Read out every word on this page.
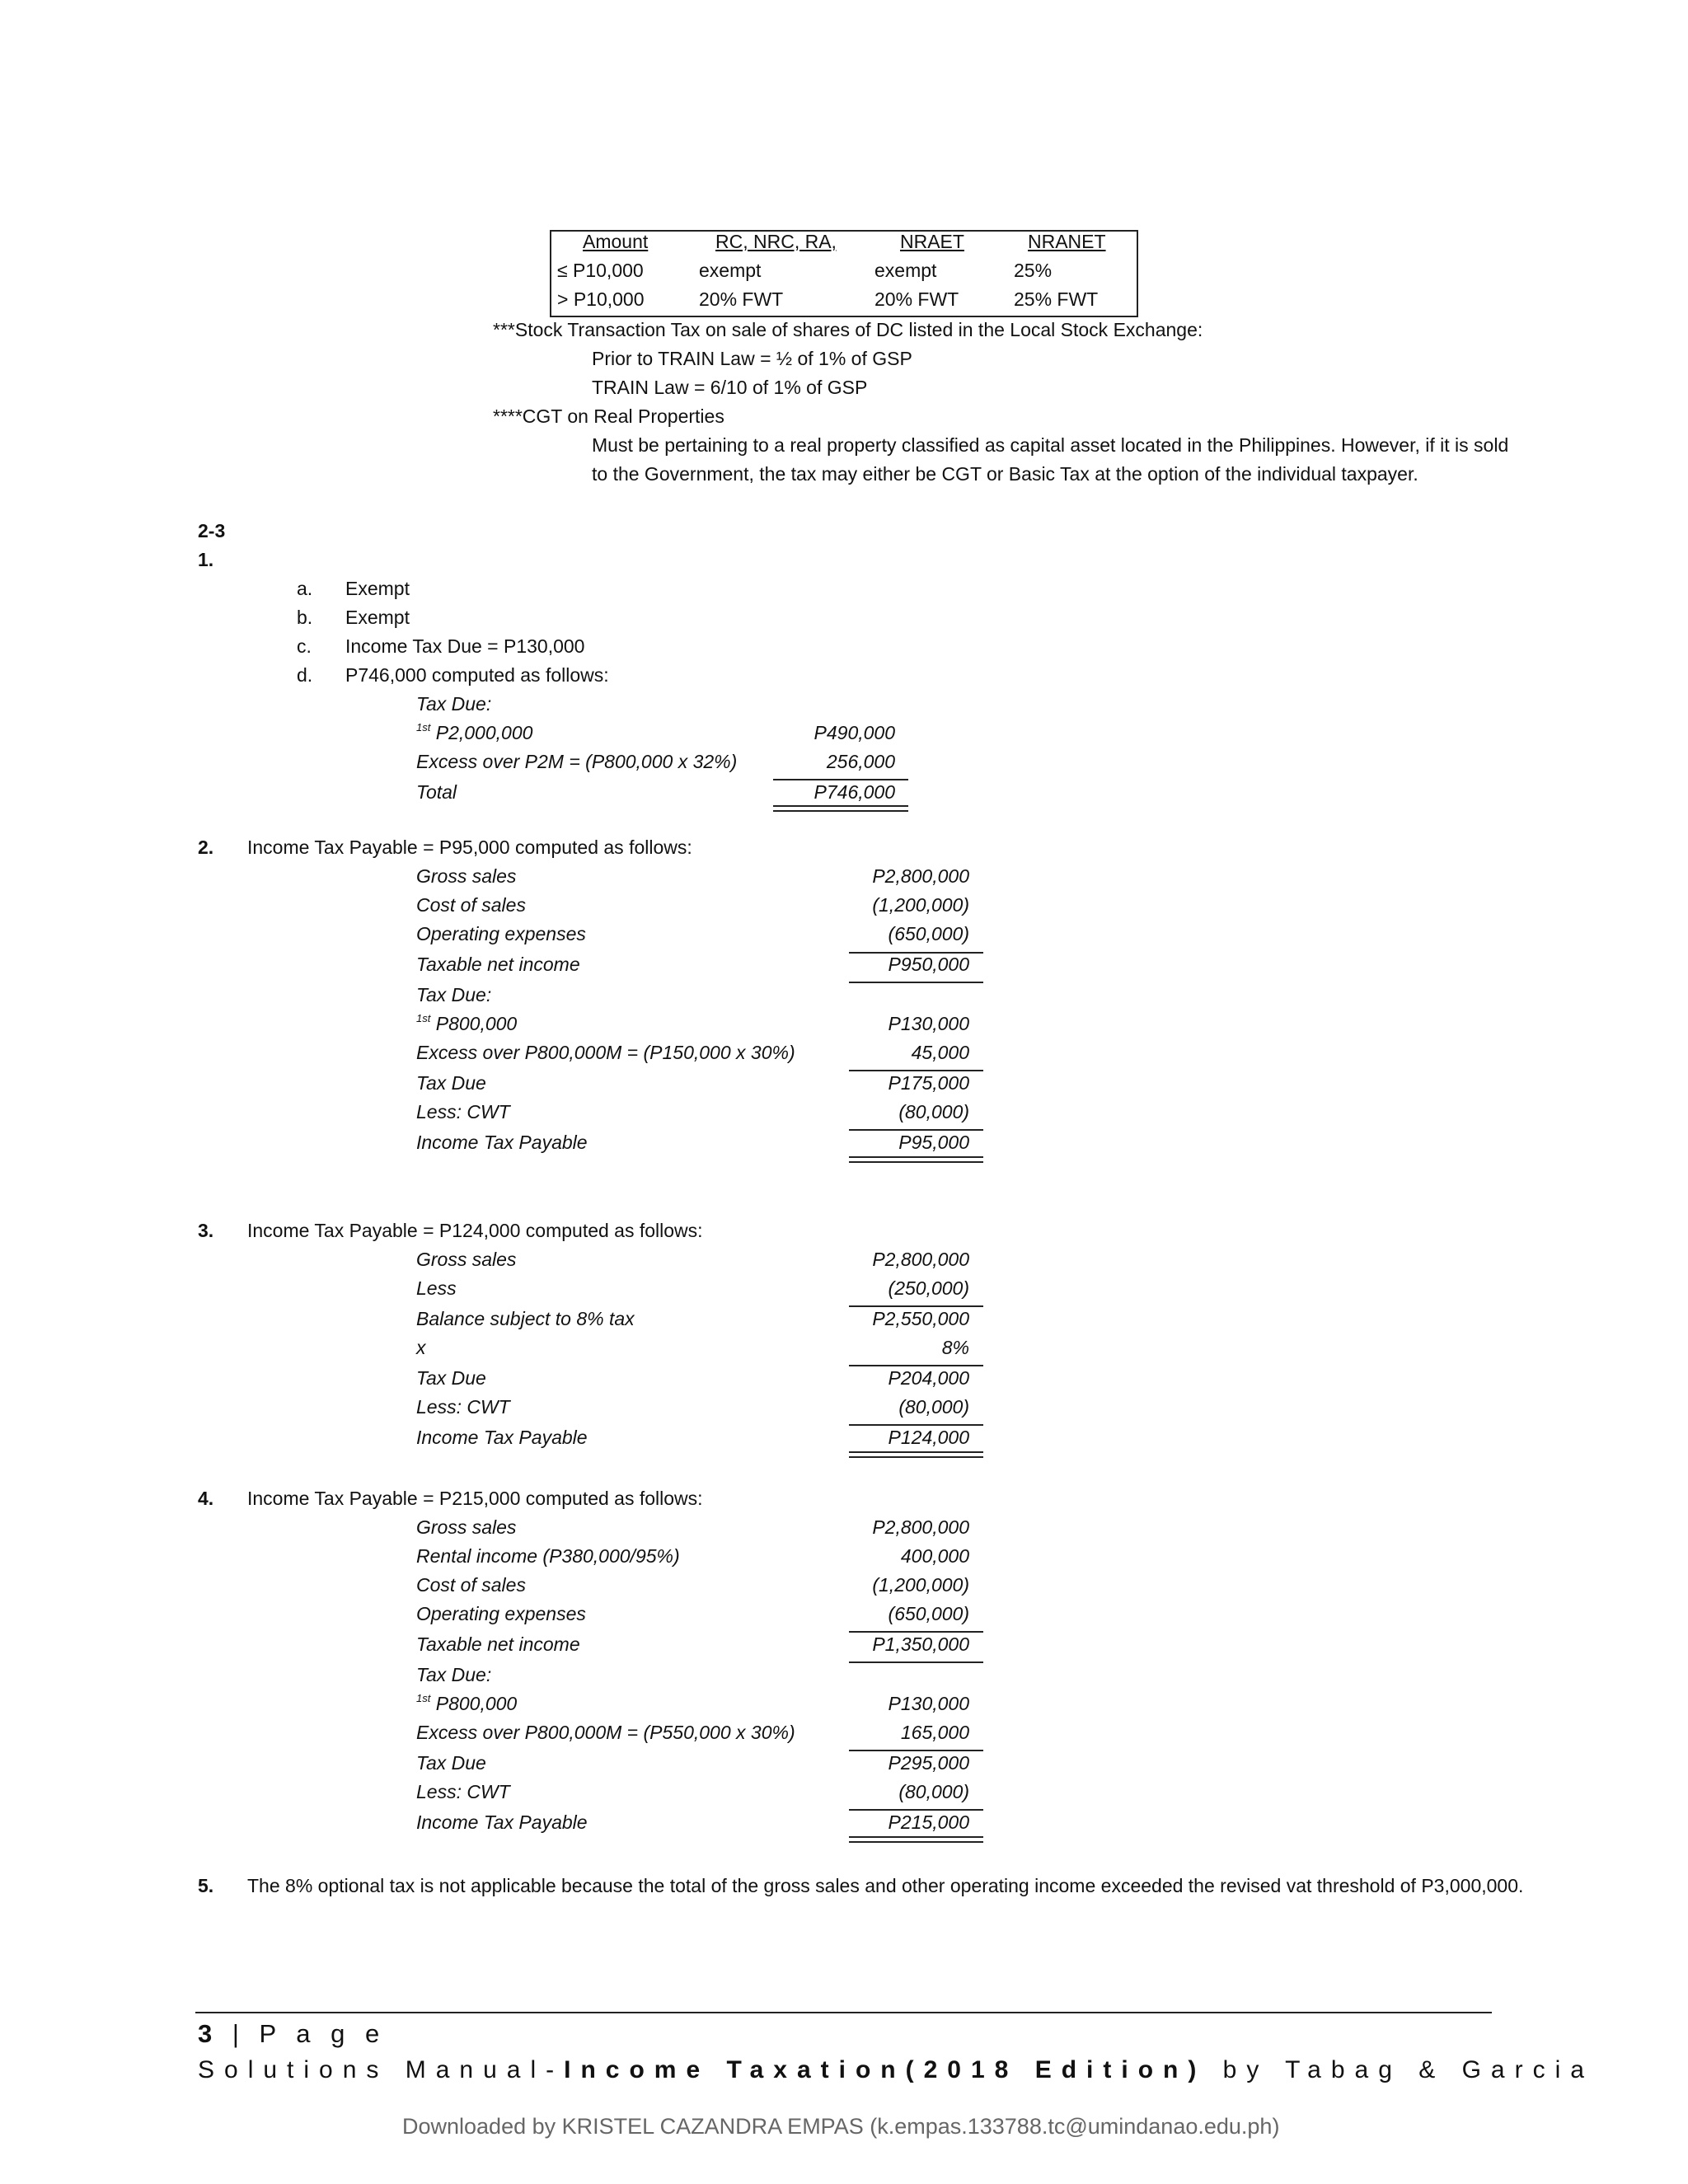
Amount	RC, NRC, RA,	NRAET	NRANET
≤ P10,000	exempt	exempt	25%
> P10,000	20% FWT	20% FWT	25% FWT
***Stock Transaction Tax on sale of shares of DC listed in the Local Stock Exchange:
Prior to TRAIN Law = ½ of 1% of GSP
TRAIN Law = 6/10 of 1% of GSP
****CGT on Real Properties
Must be pertaining to a real property classified as capital asset located in the Philippines. However, if it is sold
to the Government, the tax may either be CGT or Basic Tax at the option of the individual taxpayer.
2-3
1.
a. Exempt
b. Exempt
c. Income Tax Due = P130,000
d. P746,000 computed as follows:
Tax Due:
$^{1st}$ P2,000,000	P490,000
Excess over P2M = (P800,000 x 32%)	256,000
Total	P746,000
2. Income Tax Payable = P95,000 computed as follows:
Gross sales	P2,800,000
Cost of sales	(1,200,000)
Operating expenses	(650,000)
Taxable net income	P950,000
Tax Due:
$^{1st}$ P800,000	P130,000
Excess over P800,000M = (P150,000 x 30%)	45,000
Tax Due	P175,000
Less: CWT	(80,000)
Income Tax Payable	P95,000
3. Income Tax Payable = P124,000 computed as follows:
Gross sales	P2,800,000
Less	(250,000)
Balance subject to 8% tax	P2,550,000
x	8%
Tax Due	P204,000
Less: CWT	(80,000)
Income Tax Payable	P124,000
4. Income Tax Payable = P215,000 computed as follows:
Gross sales	P2,800,000
Rental income (P380,000/95%)	400,000
Cost of sales	(1,200,000)
Operating expenses	(650,000)
Taxable net income	P1,350,000
Tax Due:
$^{1st}$ P800,000	P130,000
Excess over P800,000M = (P550,000 x 30%)	165,000
Tax Due	P295,000
Less: CWT	(80,000)
Income Tax Payable	P215,000
5. The 8% optional tax is not applicable because the total of the gross sales and other operating income exceeded the revised vat threshold of P3,000,000.
3 | P a g e
Solutions Manual-Income Taxation(2018 Edition) by Tabag & Garcia
Downloaded by KRISTEL CAZANDRA EMPAS (k.empas.133788.tc@umindanao.edu.ph)
